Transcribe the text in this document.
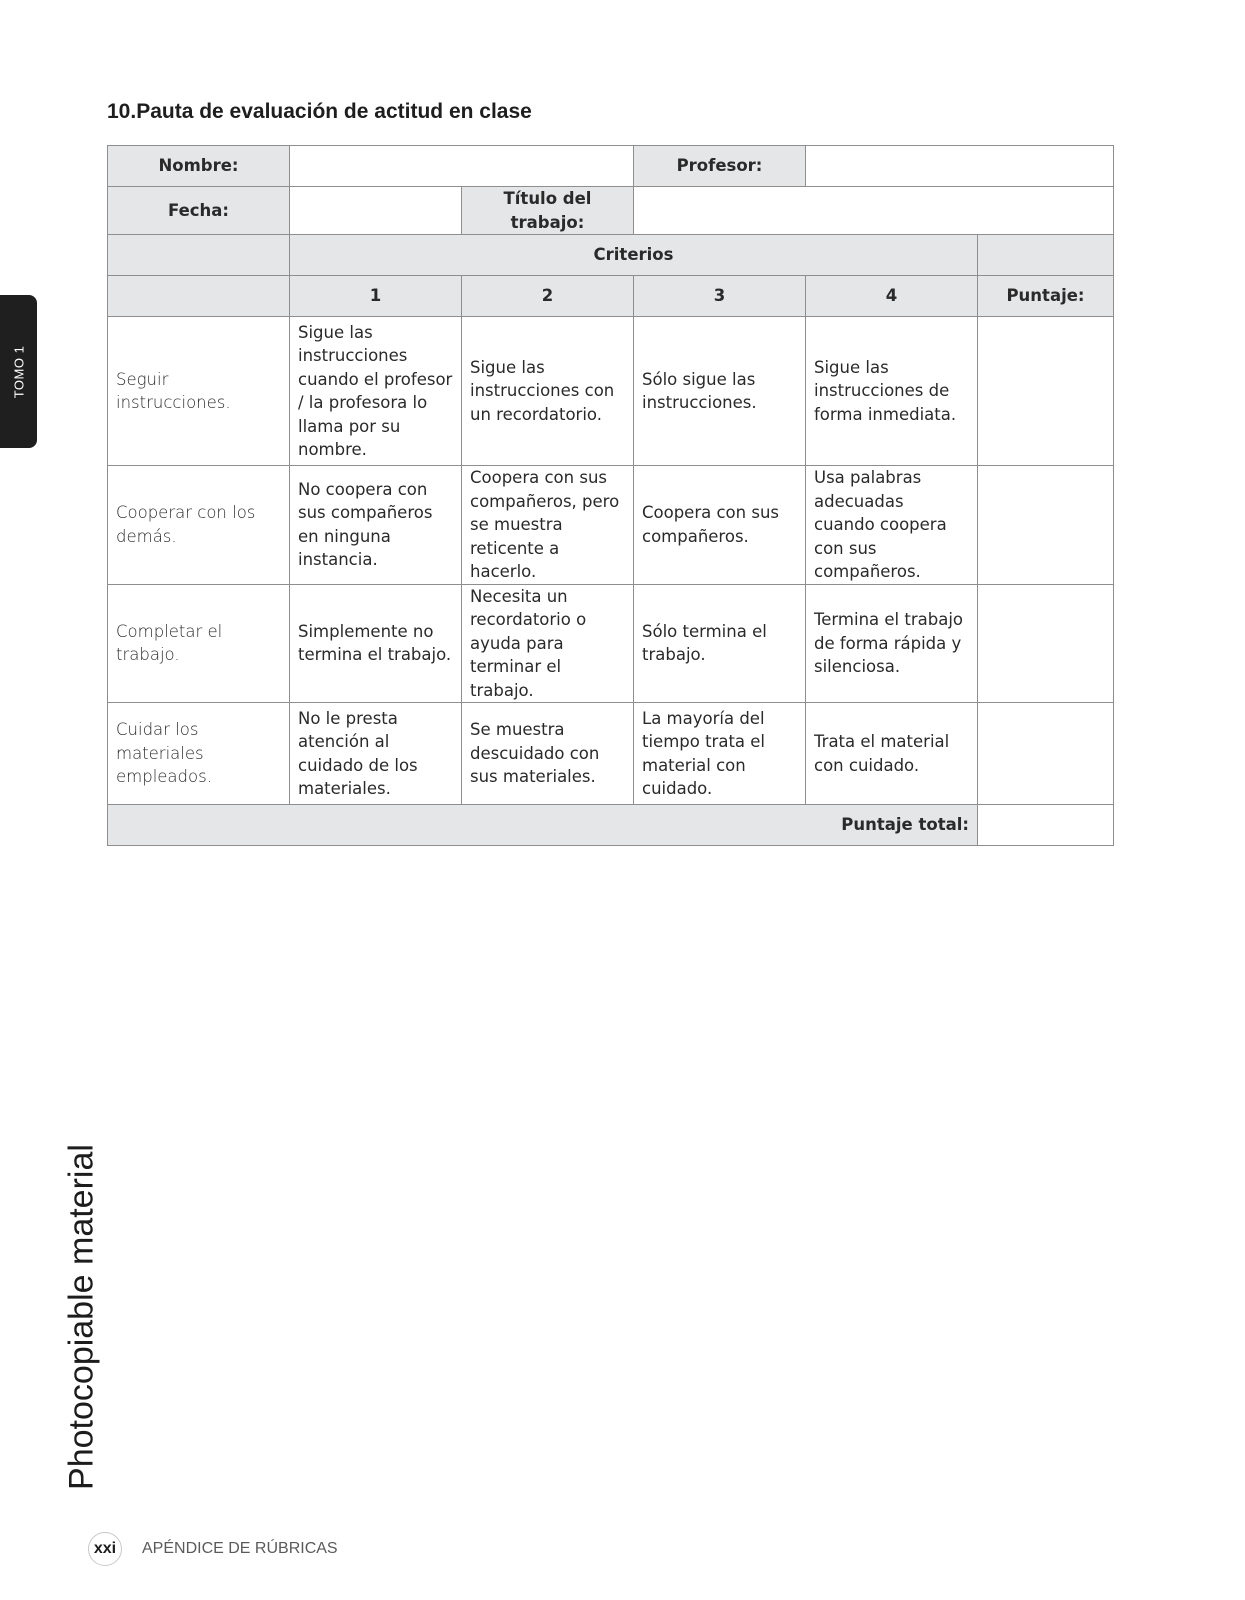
10.Pauta de evaluación de actitud en clase
TOMO 1
Photocopiable material
xxi	APÉNDICE DE RÚBRICAS
Nombre:			Profesor:		
Fecha:		Título del trabajo:			
	Criterios				
	1	2	3	4	Puntaje:
Seguir instrucciones.	Sigue las instrucciones cuando el profesor / la profesora lo llama por su nombre.	Sigue las instrucciones con un recordatorio.	Sólo sigue las instrucciones.	Sigue las instrucciones de forma inmediata.	
Cooperar con los demás.	No coopera con sus compañeros en ninguna instancia.	Coopera con sus compañeros, pero se muestra reticente a hacerlo.	Coopera con sus compañeros.	Usa palabras adecuadas cuando coopera con sus compañeros.	
Completar el trabajo.	Simplemente no termina el trabajo.	Necesita un recordatorio o ayuda para terminar el trabajo.	Sólo termina el trabajo.	Termina el trabajo de forma rápida y silenciosa.	
Cuidar los materiales empleados.	No le presta atención al cuidado de los materiales.	Se muestra descuidado con sus materiales.	La mayoría del tiempo trata el material con cuidado.	Trata el material con cuidado.	
Puntaje total:					
